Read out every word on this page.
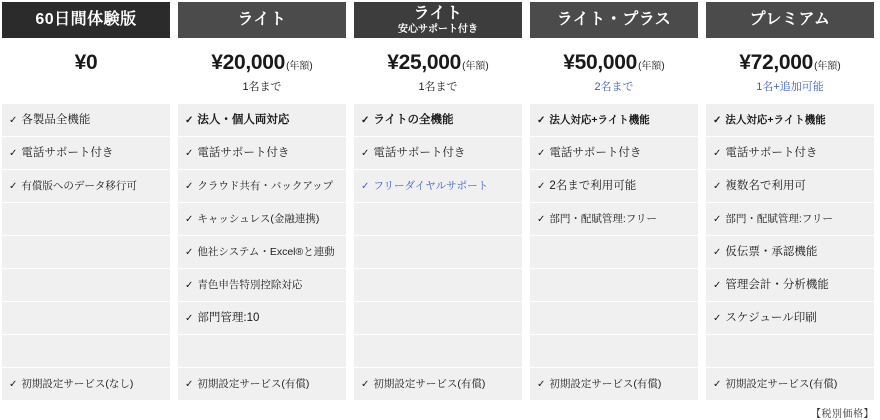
60日間体験版
¥0
✓ 各製品全機能
✓ 電話サポート付き
✓ 有償版へのデータ移行可
✓ 初期設定サービス(なし)
ライト
¥20,000 (年額)
1名まで
✓ 法人・個人両対応
✓ 電話サポート付き
✓ クラウド共有・バックアップ
✓ キャッシュレス(金融連携)
✓ 他社システム・Excel®と連動
✓ 青色申告特別控除対応
✓ 部門管理:10
✓ 初期設定サービス(有償)
ライト
安心サポート付き
¥25,000 (年額)
1名まで
✓ ライトの全機能
✓ 電話サポート付き
✓ フリーダイヤルサポート
✓ 初期設定サービス(有償)
ライト・プラス
¥50,000 (年額)
2名まで
✓ 法人対応+ライト機能
✓ 電話サポート付き
✓ 2名まで利用可能
✓ 部門・配賦管理:フリー
✓ 初期設定サービス(有償)
プレミアム
¥72,000 (年額)
1名+追加可能
✓ 法人対応+ライト機能
✓ 電話サポート付き
✓ 複数名で利用可
✓ 部門・配賦管理:フリー
✓ 仮伝票・承認機能
✓ 管理会計・分析機能
✓ スケジュール印刷
✓ 初期設定サービス(有償)
【税別価格】
